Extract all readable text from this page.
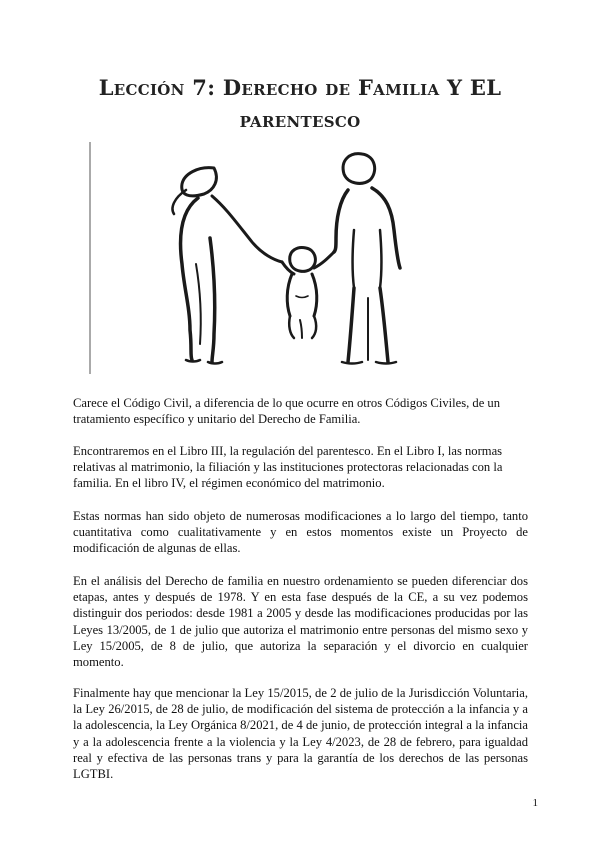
Lección 7: Derecho de Familia Y EL
parentesco

Carece el Código Civil, a diferencia de lo que ocurre en otros Códigos Civiles, de un tratamiento específico y unitario del Derecho de Familia.

Encontraremos en el Libro III, la regulación del parentesco. En el Libro I, las normas relativas al matrimonio, la filiación y las instituciones protectoras relacionadas con la familia. En el libro IV, el régimen económico del matrimonio.

Estas normas han sido objeto de numerosas modificaciones a lo largo del tiempo, tanto cuantitativa como cualitativamente y en estos momentos existe un Proyecto de modificación de algunas de ellas.

En el análisis del Derecho de familia en nuestro ordenamiento se pueden diferenciar dos etapas, antes y después de 1978. Y en esta fase después de la CE, a su vez podemos distinguir dos periodos: desde 1981 a 2005 y desde las modificaciones producidas por las Leyes 13/2005, de 1 de julio que autoriza el matrimonio entre personas del mismo sexo y Ley 15/2005, de 8 de julio, que autoriza la separación y el divorcio en cualquier momento.

Finalmente hay que mencionar la Ley 15/2015, de 2 de julio de la Jurisdicción Voluntaria, la Ley 26/2015, de 28 de julio, de modificación del sistema de protección a la infancia y a la adolescencia, la Ley Orgánica 8/2021, de 4 de junio, de protección integral a la infancia y a la adolescencia frente a la violencia y la Ley 4/2023, de 28 de febrero, para igualdad real y efectiva de las personas trans y para la garantía de los derechos de las personas LGTBI.

1
